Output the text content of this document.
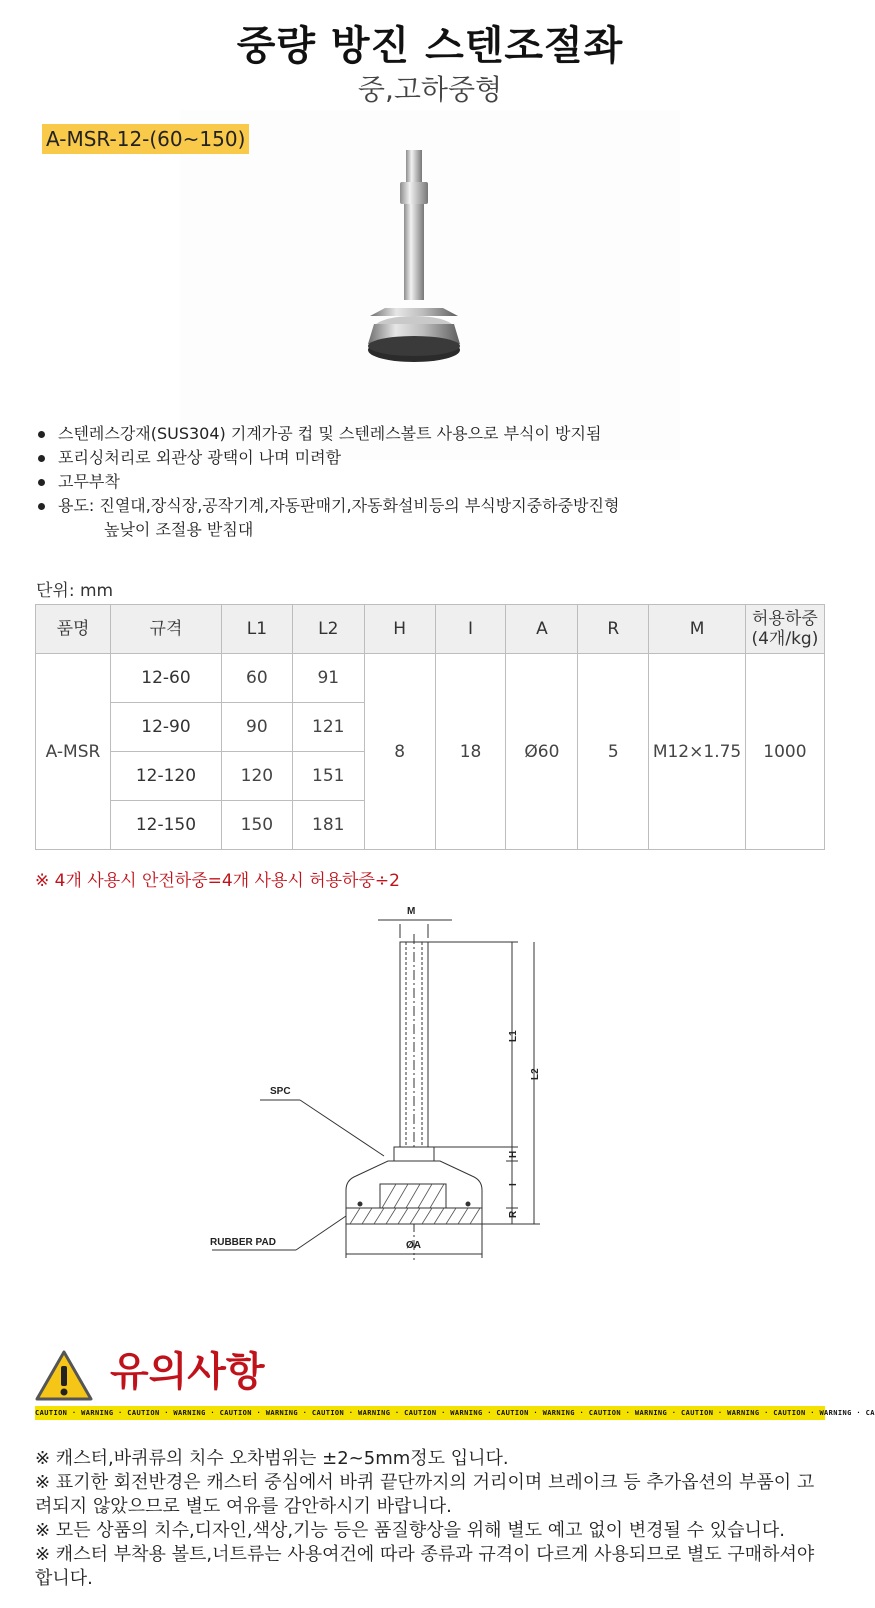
중량 방진 스텐조절좌
중,고하중형
A-MSR-12-(60~150)
스텐레스강재(SUS304) 기계가공 컵 및 스텐레스볼트 사용으로 부식이 방지됨
포리싱처리로 외관상 광택이 나며 미려함
고무부착
용도: 진열대,장식장,공작기계,자동판매기,자동화설비등의 부식방지중하중방진형
높낮이 조절용 받침대
단위: mm
품명	규격	L1	L2	H	I	A	R	M	허용하중
(4개/kg)
A-MSR	12-60	60	91	8	18	Ø60	5	M12×1.75	1000
	12-90	90	121						
	12-120	120	151						
	12-150	150	181						
※ 4개 사용시 안전하중=4개 사용시 허용하중÷2
M
L1
L2
H
I
R
ØA
SPC
RUBBER PAD
유의사항
CAUTION · WARNING · CAUTION · WARNING · CAUTION · WARNING · CAUTION · WARNING · CAUTION · WARNING · CAUTION · WARNING · CAUTION · WARNING · CAUTION · WARNING · CAUTION · WARNING · CA

※ 캐스터,바퀴류의 치수 오차범위는 ±2~5mm정도 입니다.

※ 표기한 회전반경은 캐스터 중심에서 바퀴 끝단까지의 거리이며 브레이크 등 추가옵션의 부품이 고려되지 않았으므로 별도 여유를 감안하시기 바랍니다.

※ 모든 상품의 치수,디자인,색상,기능 등은 품질향상을 위해 별도 예고 없이 변경될 수 있습니다.

※ 캐스터 부착용 볼트,너트류는 사용여건에 따라 종류과 규격이 다르게 사용되므로 별도 구매하셔야 합니다.
